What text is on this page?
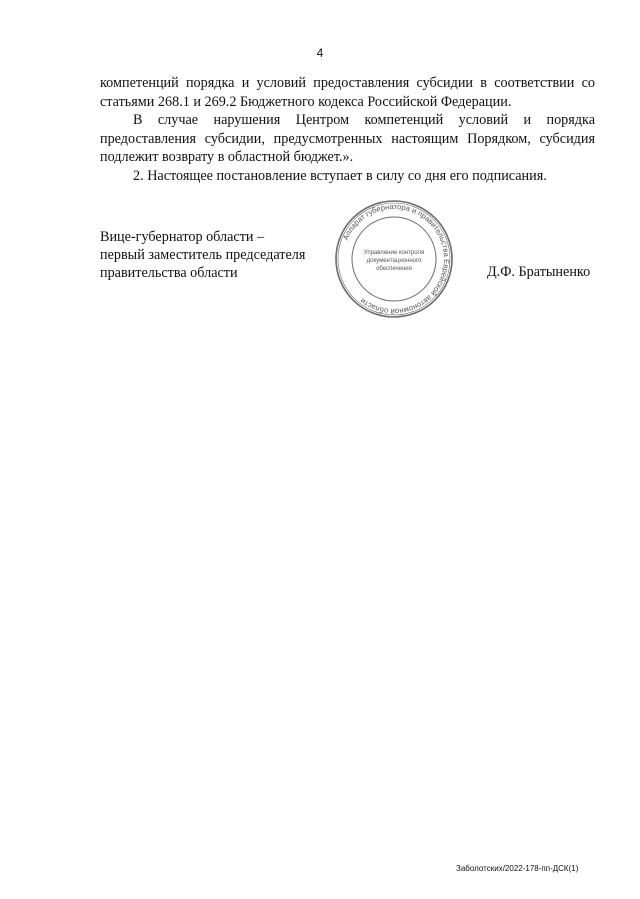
4

компетенций порядка и условий предоставления субсидии в соответствии со статьями 268.1 и 269.2 Бюджетного кодекса Российской Федерации.

В случае нарушения Центром компетенций условий и порядка предоставления субсидии, предусмотренных настоящим Порядком, субсидия подлежит возврату в областной бюджет.».

2. Настоящее постановление вступает в силу со дня его подписания.

Вице-губернатор области –
первый заместитель председателя
правительства области
Аппарат губернатора и правительства Еврейской автономной области
Управление контроля
документационного
обеспечения	Д.Ф. Братыненко
Заболотских/2022-178-пп-ДСК(1)
